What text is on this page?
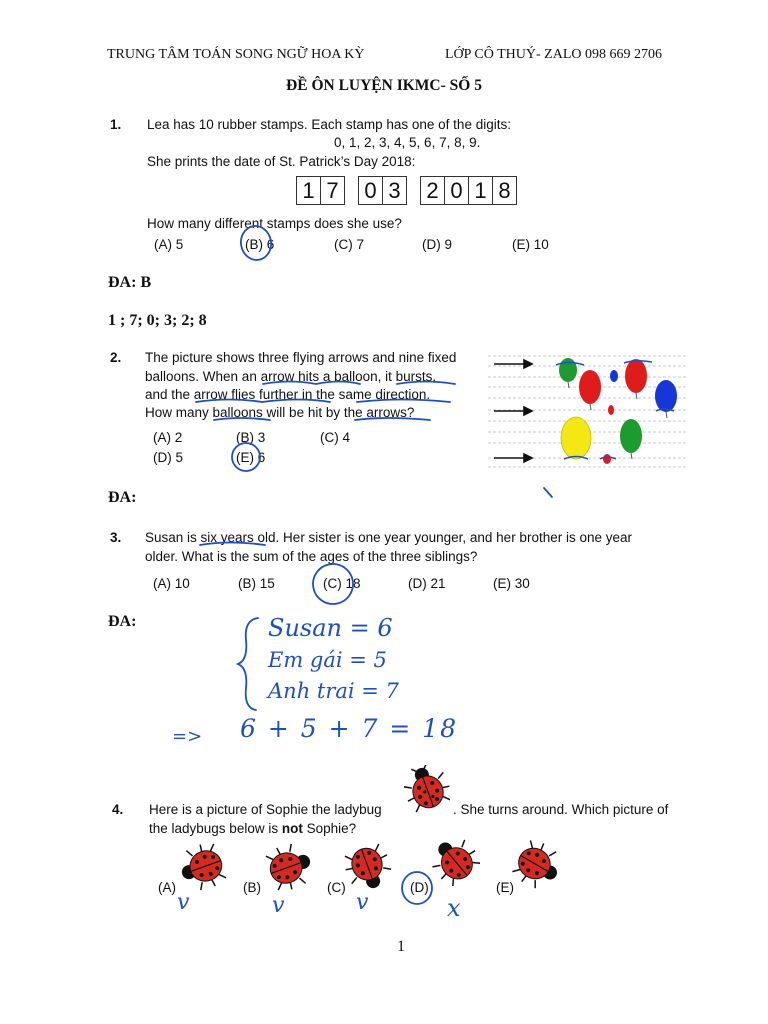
TRUNG TÂM TOÁN SONG NGỮ HOA KỲ	LỚP CÔ THUÝ- ZALO 098 669 2706
ĐỀ ÔN LUYỆN IKMC- SỐ 5
1. Lea has 10 rubber stamps. Each stamp has one of the digits:
0, 1, 2, 3, 4, 5, 6, 7, 8, 9.
She prints the date of St. Patrick’s Day 2018:
1 7 0 3 2 0 1 8
How many different stamps does she use?
(A) 5	(B) 6	(C) 7	(D) 9	(E) 10
ĐA: B
1 ; 7; 0; 3; 2; 8
2. The picture shows three flying arrows and nine fixed
balloons. When an arrow hits a balloon, it bursts,
and the arrow flies further in the same direction.
How many balloons will be hit by the arrows?
(A) 2	(B) 3	(C) 4
(D) 5	(E) 6
ĐA:
3. Susan is six years old. Her sister is one year younger, and her brother is one year
older. What is the sum of the ages of the three siblings?
(A) 10	(B) 15	(C) 18	(D) 21	(E) 30
ĐA:	Susan = 6
Em gái = 5
Anh trai = 7
=> 6 + 5 + 7 = 18
4. Here is a picture of Sophie the ladybug	. She turns around. Which picture of
the ladybugs below is not Sophie?
(A)	(B)	(C)	(D)	(E)
v	v	v	x
1
